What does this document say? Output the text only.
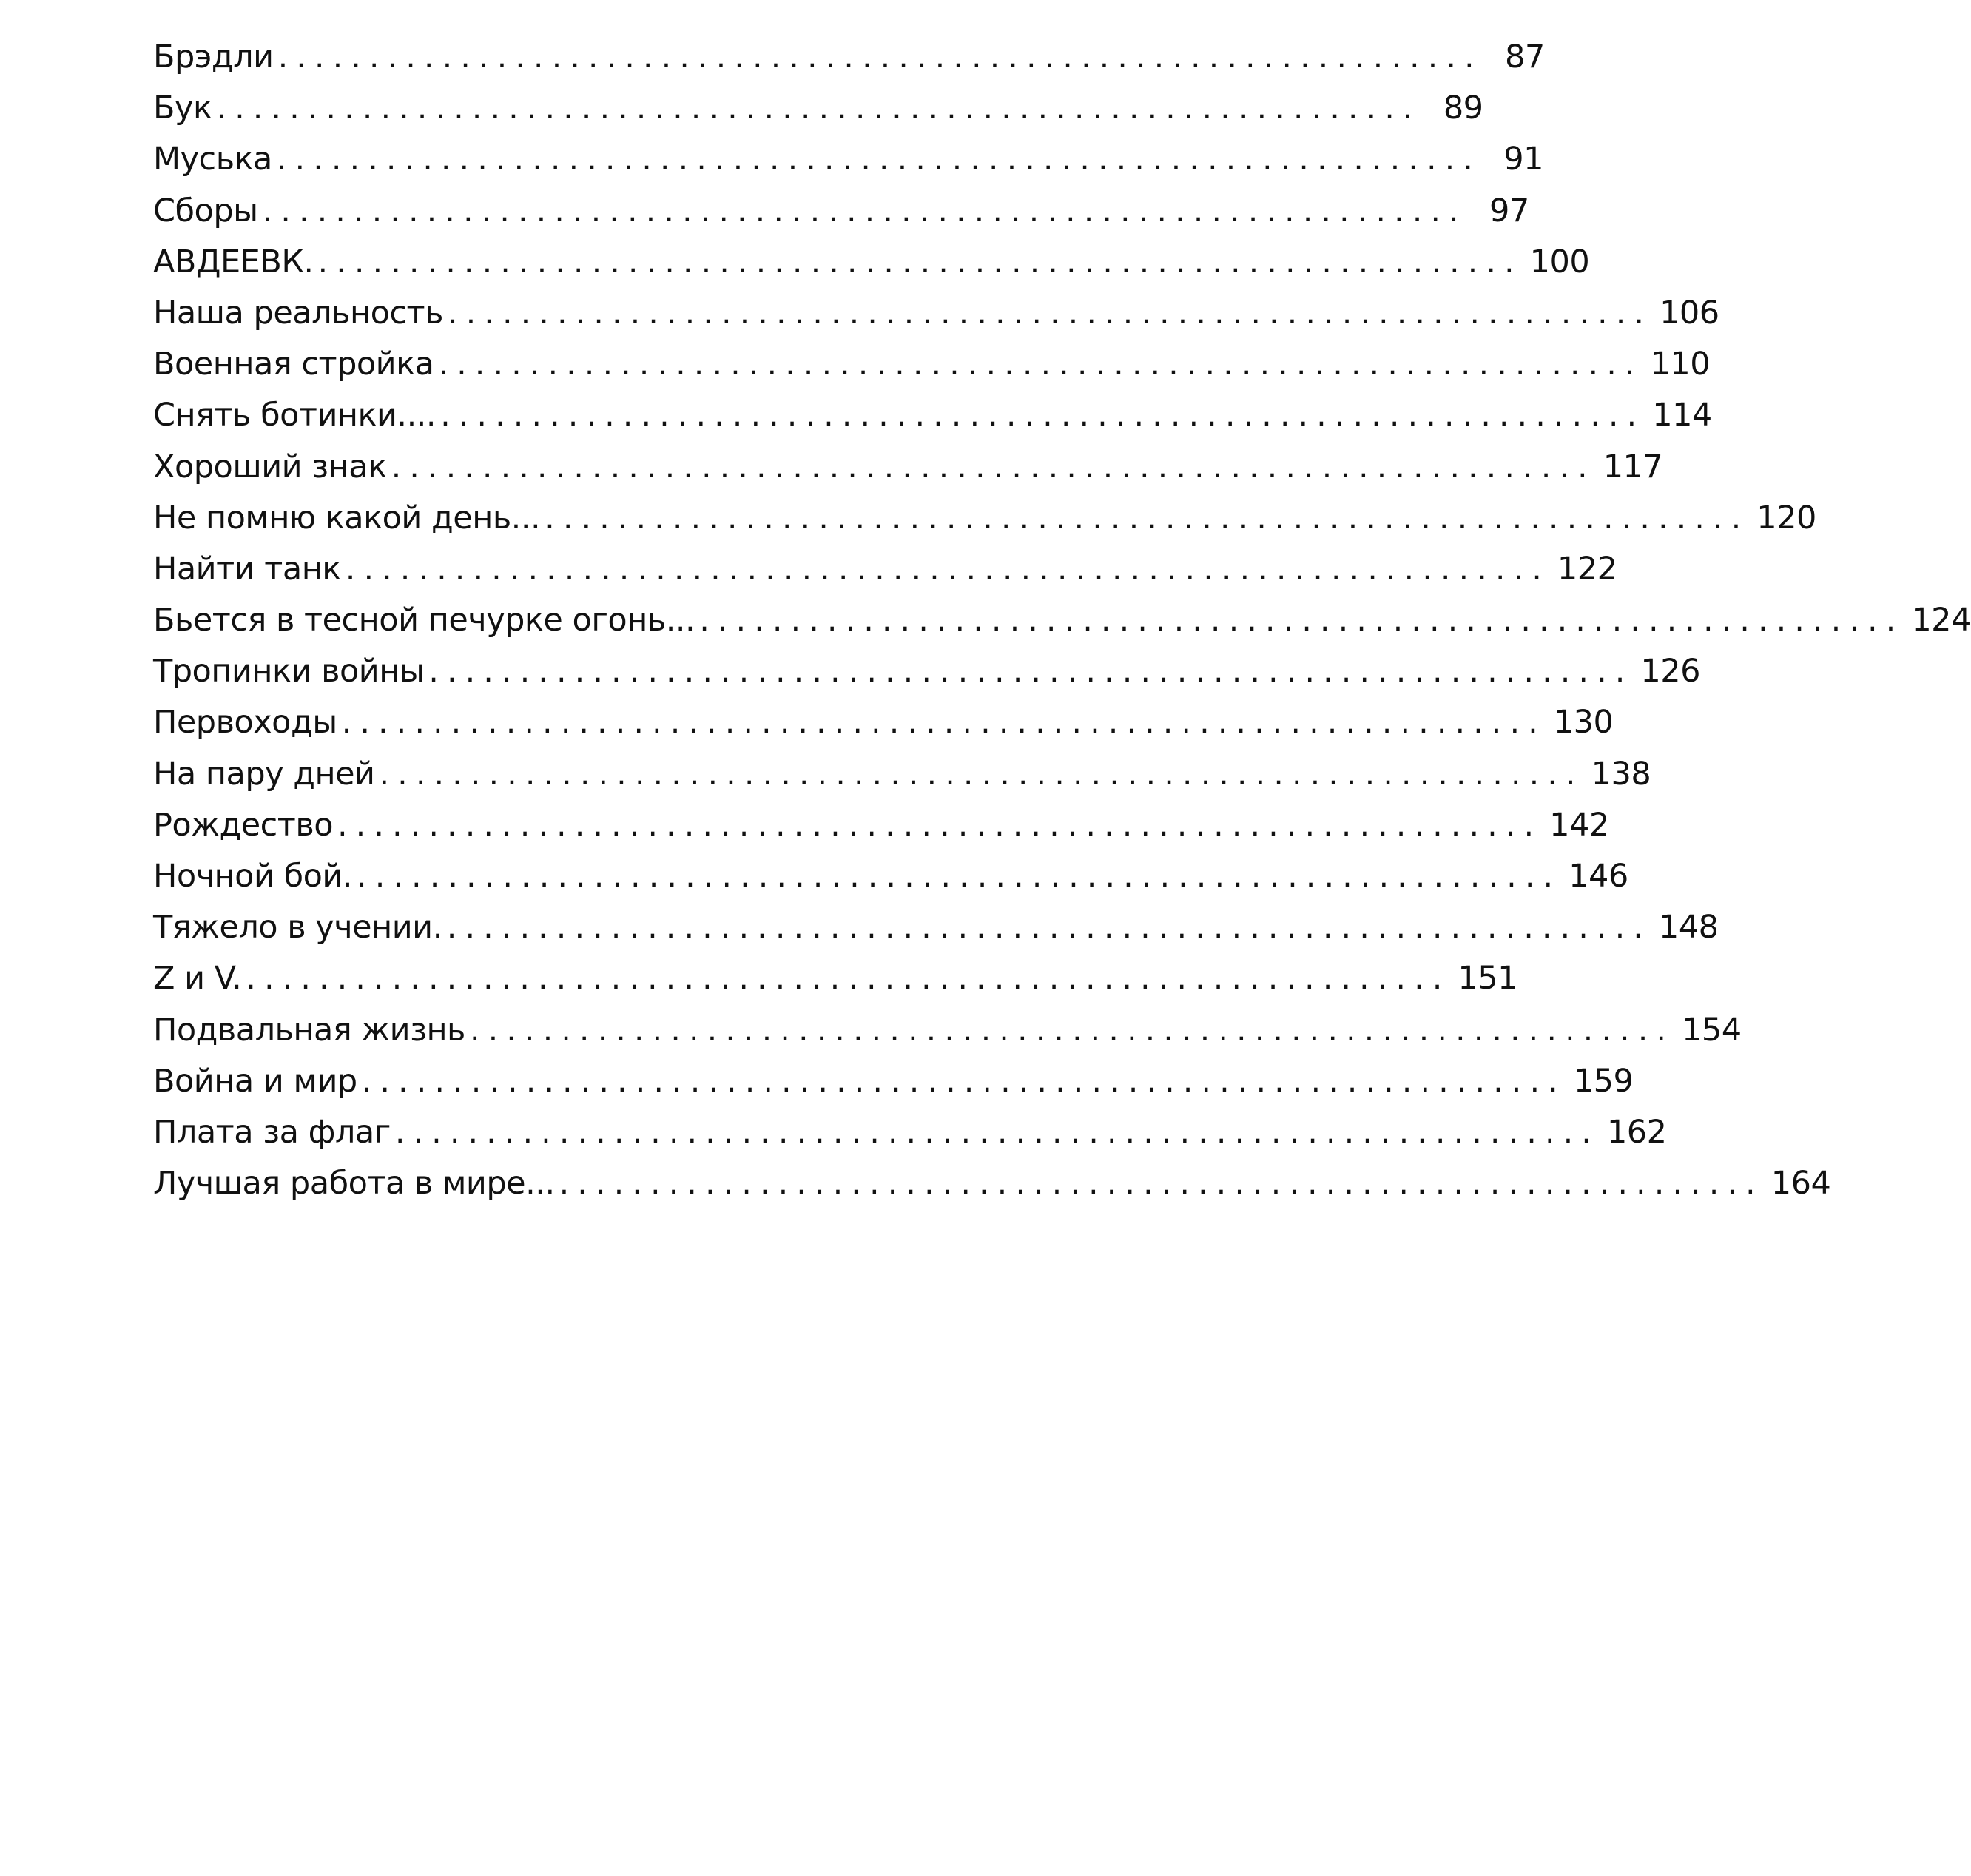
Брэдли .................................................................. 87
Бук .................................................................. 89
Муська .................................................................. 91
Сборы .................................................................. 97
АВДЕЕВК. .................................................................. 100
Наша реальность .................................................................. 106
Военная стройка .................................................................. 110
Снять ботинки.... .................................................................. 114
Хороший знак .................................................................. 117
Не помню какой день... .................................................................. 120
Найти танк .................................................................. 122
Бьется в тесной печурке огонь... .................................................................. 124
Тропинки войны .................................................................. 126
Первоходы .................................................................. 130
На пару дней .................................................................. 138
Рождество .................................................................. 142
Ночной бой. .................................................................. 146
Тяжело в учении. .................................................................. 148
Z и V. .................................................................. 151
Подвальная жизнь .................................................................. 154
Война и мир .................................................................. 159
Плата за флаг .................................................................. 162
Лучшая работа в мире... .................................................................. 164
